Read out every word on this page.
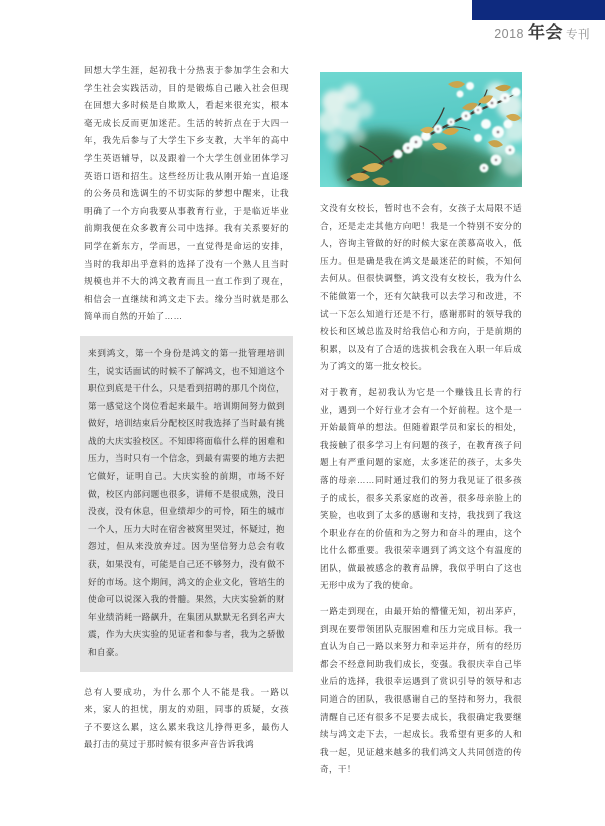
2018 年会 专刊

回想大学生涯，起初我十分热衷于参加学生会和大学生社会实践活动，目的是锻炼自己融入社会但现在回想大多时候是自欺欺人，看起来很充实，根本毫无成长反而更加迷茫。生活的转折点在于大四一年，我先后参与了大学生下乡支教，大半年的高中学生英语辅导，以及跟着一个大学生创业团体学习英语口语和招生。这些经历让我从刚开始一直追逐的公务员和选调生的不切实际的梦想中醒来，让我明确了一个方向我要从事教育行业，于是临近毕业前期我便在众多教育公司中选择。我有关系要好的同学在新东方，学而思，一直觉得是命运的安排，当时的我却出乎意料的选择了没有一个熟人且当时规模也并不大的鸿文教育而且一直工作到了现在，相信会一直继续和鸿文走下去。缘分当时就是那么简单而自然的开始了……

来到鸿文，第一个身份是鸿文的第一批管理培训生，说实话面试的时候不了解鸿文，也不知道这个职位到底是干什么，只是看到招聘的那几个岗位，第一感觉这个岗位看起来最牛。培训期间努力做到做好，培训结束后分配校区时我选择了当时最有挑战的大庆实验校区。不知即将面临什么样的困难和压力，当时只有一个信念，到最有需要的地方去把它做好，证明自己。大庆实验的前期，市场不好做，校区内部问题也很多，讲师不是很成熟，没日没夜，没有休息，但业绩却少的可怜，陌生的城市一个人，压力大时在宿舍被窝里哭过，怀疑过，抱怨过，但从来没放弃过。因为坚信努力总会有收获，如果没有，可能是自己还不够努力，没有做不好的市场。这个期间，鸿文的企业文化，管培生的使命可以说深入我的骨髓。果然，大庆实验新的财年业绩消耗一路飙升，在集团从默默无名到名声大震，作为大庆实验的见证者和参与者，我为之骄傲和自豪。

总有人要成功，为什么那个人不能是我。一路以来，家人的担忧，朋友的劝阻，同事的质疑，女孩子不要这么累，这么累来我这儿挣得更多，最伤人最打击的莫过于那时候有很多声音告诉我鸿

文没有女校长，暂时也不会有，女孩子太局限不适合，还是走走其他方向吧！我是一个特别不安分的人，咨询主管做的好的时候大家在羡慕高收入，低压力。但是确是我在鸿文是最迷茫的时候，不知何去何从。但很快调整，鸿文没有女校长，我为什么不能做第一个，还有欠缺我可以去学习和改进，不试一下怎么知道行还是不行，感谢那时的领导我的校长和区域总监及时给我信心和方向，于是前期的积累，以及有了合适的选拔机会我在入职一年后成为了鸿文的第一批女校长。

对于教育，起初我认为它是一个赚钱且长青的行业，遇到一个好行业才会有一个好前程。这个是一开始最简单的想法。但随着跟学员和家长的相处，我接触了很多学习上有问题的孩子，在教育孩子问题上有严重问题的家庭，太多迷茫的孩子，太多失落的母亲……同时通过我们的努力我见证了很多孩子的成长，很多关系家庭的改善，很多母亲脸上的笑脸，也收到了太多的感谢和支持，我找到了我这个职业存在的价值和为之努力和奋斗的理由，这个比什么都重要。我很荣幸遇到了鸿文这个有温度的团队，做最被感念的教育品牌，我似乎明白了这也无形中成为了我的使命。

一路走到现在，由最开始的懵懂无知，初出茅庐，到现在要带领团队克服困难和压力完成目标。我一直认为自己一路以来努力和幸运并存，所有的经历都会不经意间助我们成长，变强。我很庆幸自己毕业后的选择，我很幸运遇到了赏识引导的领导和志同道合的团队，我很感谢自己的坚持和努力，我很清醒自己还有很多不足要去成长，我很确定我要继续与鸿文走下去，一起成长。我希望有更多的人和我一起，见证越来越多的我们鸿文人共同创造的传奇，干！
